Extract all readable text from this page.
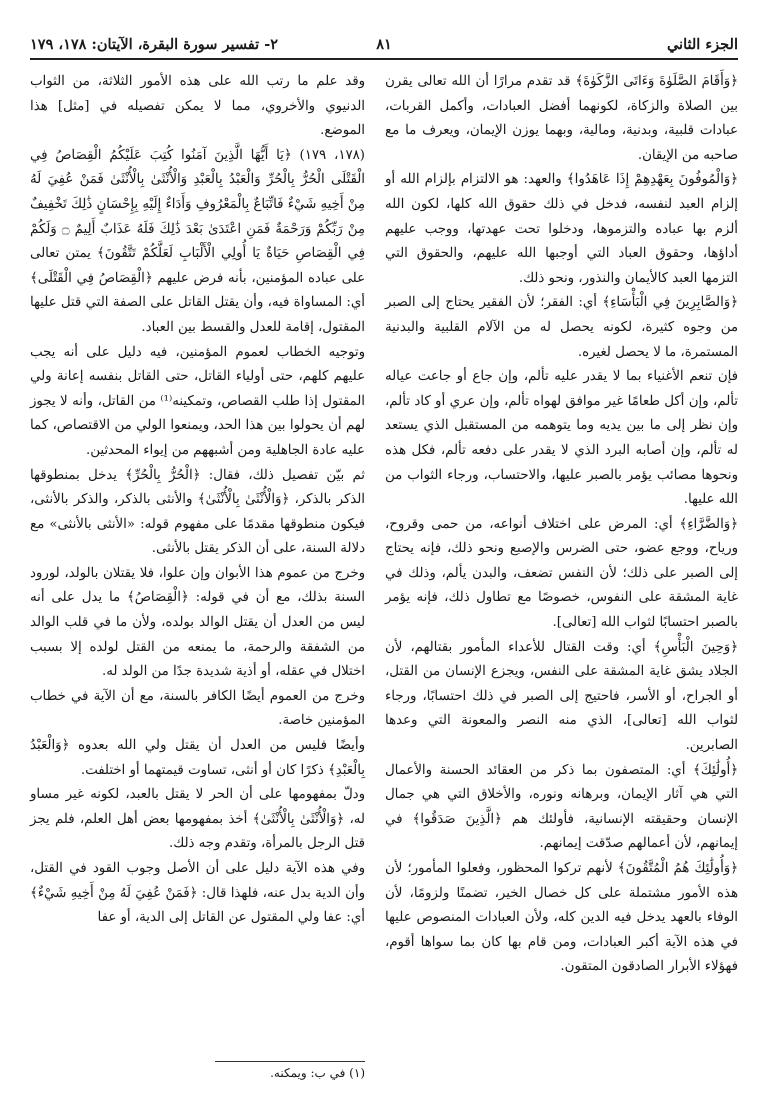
الجزء الثاني
٨١
٢- تفسير سورة البقرة، الآيتان: ١٧٨، ١٧٩

﴿وَأَقَامَ الصَّلَوٰةَ وَءَاتَى الزَّكَوٰةَ﴾ قد تقدم مرارًا أن الله تعالى يقرن بين الصلاة والزكاة، لكونهما أفضل العبادات، وأكمل القربات، عبادات قلبية، وبدنية، ومالية، وبهما يوزن الإيمان، ويعرف ما مع صاحبه من الإيقان.

﴿وَالْمُوفُونَ بِعَهْدِهِمْ إِذَا عَاهَدُوا﴾ والعهد: هو الالتزام بإلزام الله أو إلزام العبد لنفسه، فدخل في ذلك حقوق الله كلها، لكون الله ألزم بها عباده والتزموها، ودخلوا تحت عهدتها، ووجب عليهم أداؤها، وحقوق العباد التي أوجبها الله عليهم، والحقوق التي التزمها العبد كالأيمان والنذور، ونحو ذلك.

﴿وَالصَّابِرِينَ فِي الْبَأْسَاءِ﴾ أي: الفقر؛ لأن الفقير يحتاج إلى الصبر من وجوه كثيرة، لكونه يحصل له من الآلام القلبية والبدنية المستمرة، ما لا يحصل لغيره.

فإن تنعم الأغنياء بما لا يقدر عليه تألم، وإن جاع أو جاعت عياله تألم، وإن أكل طعامًا غير موافق لهواه تألم، وإن عري أو كاد تألم، وإن نظر إلى ما بين يديه وما يتوهمه من المستقبل الذي يستعد له تألم، وإن أصابه البرد الذي لا يقدر على دفعه تألم، فكل هذه ونحوها مصائب يؤمر بالصبر عليها، والاحتساب، ورجاء الثواب من الله عليها.

﴿وَالضَّرَّاءِ﴾ أي: المرض على اختلاف أنواعه، من حمى وقروح، ورياح، ووجع عضو، حتى الضرس والإصبع ونحو ذلك، فإنه يحتاج إلى الصبر على ذلك؛ لأن النفس تضعف، والبدن يألم، وذلك في غاية المشقة على النفوس، خصوصًا مع تطاول ذلك، فإنه يؤمر بالصبر احتسابًا لثواب الله [تعالى].

﴿وَحِينَ الْبَأْسِ﴾ أي: وقت القتال للأعداء المأمور بقتالهم، لأن الجلاد يشق غاية المشقة على النفس، ويجزع الإنسان من القتل، أو الجراح، أو الأسر، فاحتيج إلى الصبر في ذلك احتسابًا، ورجاء لثواب الله [تعالى]، الذي منه النصر والمعونة التي وعدها الصابرين.

﴿أُولَٰئِكَ﴾ أي: المتصفون بما ذكر من العقائد الحسنة والأعمال التي هي آثار الإيمان، وبرهانه ونوره، والأخلاق التي هي جمال الإنسان وحقيقته الإنسانية، فأولئك هم ﴿الَّذِينَ صَدَقُوا﴾ في إيمانهم، لأن أعمالهم صدّقت إيمانهم.

﴿وَأُولَٰئِكَ هُمُ الْمُتَّقُونَ﴾ لأنهم تركوا المحظور، وفعلوا المأمور؛ لأن هذه الأمور مشتملة على كل خصال الخير، تضمنًا ولزومًا، لأن الوفاء بالعهد يدخل فيه الدين كله، ولأن العبادات المنصوص عليها في هذه الآية أكبر العبادات، ومن قام بها كان بما سواها أقوم، فهؤلاء الأبرار الصادقون المتقون.

وقد علم ما رتب الله على هذه الأمور الثلاثة، من الثواب الدنيوي والأخروي، مما لا يمكن تفصيله في [مثل] هذا الموضع.

(١٧٨، ١٧٩) ﴿يَا أَيُّهَا الَّذِينَ آمَنُوا كُتِبَ عَلَيْكُمُ الْقِصَاصُ فِي الْقَتْلَى الْحُرُّ بِالْحُرِّ وَالْعَبْدُ بِالْعَبْدِ وَالْأُنْثَىٰ بِالْأُنْثَىٰ فَمَنْ عُفِيَ لَهُ مِنْ أَخِيهِ شَيْءٌ فَاتِّبَاعٌ بِالْمَعْرُوفِ وَأَدَاءٌ إِلَيْهِ بِإِحْسَانٍ ذَٰلِكَ تَخْفِيفٌ مِنْ رَبِّكُمْ وَرَحْمَةٌ فَمَنِ اعْتَدَىٰ بَعْدَ ذَٰلِكَ فَلَهُ عَذَابٌ أَلِيمٌ ۝ وَلَكُمْ فِي الْقِصَاصِ حَيَاةٌ يَا أُولِي الْأَلْبَابِ لَعَلَّكُمْ تَتَّقُونَ﴾ يمتن تعالى على عباده المؤمنين، بأنه فرض عليهم ﴿الْقِصَاصُ فِي الْقَتْلَى﴾ أي: المساواة فيه، وأن يقتل القاتل على الصفة التي قتل عليها المقتول، إقامة للعدل والقسط بين العباد.

وتوجيه الخطاب لعموم المؤمنين، فيه دليل على أنه يجب عليهم كلهم، حتى أولياء القاتل، حتى القاتل بنفسه إعانة ولي المقتول إذا طلب القصاص، وتمكينه⁽¹⁾ من القاتل، وأنه لا يجوز لهم أن يحولوا بين هذا الحد، ويمنعوا الولي من الاقتصاص، كما عليه عادة الجاهلية ومن أشبههم من إيواء المحدثين.

ثم بيّن تفصيل ذلك، فقال: ﴿الْحُرُّ بِالْحُرِّ﴾ يدخل بمنطوقها الذكر بالذكر، ﴿وَالْأُنْثَىٰ بِالْأُنْثَىٰ﴾ والأنثى بالذكر، والذكر بالأنثى، فيكون منطوقها مقدمًا على مفهوم قوله: «الأنثى بالأنثى» مع دلالة السنة، على أن الذكر يقتل بالأنثى.

وخرج من عموم هذا الأبوان وإن علوا، فلا يقتلان بالولد، لورود السنة بذلك، مع أن في قوله: ﴿الْقِصَاصُ﴾ ما يدل على أنه ليس من العدل أن يقتل الوالد بولده، ولأن ما في قلب الوالد من الشفقة والرحمة، ما يمنعه من القتل لولده إلا بسبب اختلال في عقله، أو أذية شديدة جدًا من الولد له.

وخرج من العموم أيضًا الكافر بالسنة، مع أن الآية في خطاب المؤمنين خاصة.

وأيضًا فليس من العدل أن يقتل ولي الله بعدوه ﴿وَالْعَبْدُ بِالْعَبْدِ﴾ ذكرًا كان أو أنثى، تساوت قيمتهما أو اختلفت.

ودلّ بمفهومها على أن الحر لا يقتل بالعبد، لكونه غير مساو له، ﴿وَالْأُنْثَىٰ بِالْأُنْثَىٰ﴾ أخذ بمفهومها بعض أهل العلم، فلم يجز قتل الرجل بالمرأة، وتقدم وجه ذلك.

وفي هذه الآية دليل على أن الأصل وجوب القود في القتل، وأن الدية بدل عنه، فلهذا قال: ﴿فَمَنْ عُفِيَ لَهُ مِنْ أَخِيهِ شَيْءٌ﴾ أي: عفا ولي المقتول عن القاتل إلى الدية، أو عفا

(١) في ب: ويمكنه.
